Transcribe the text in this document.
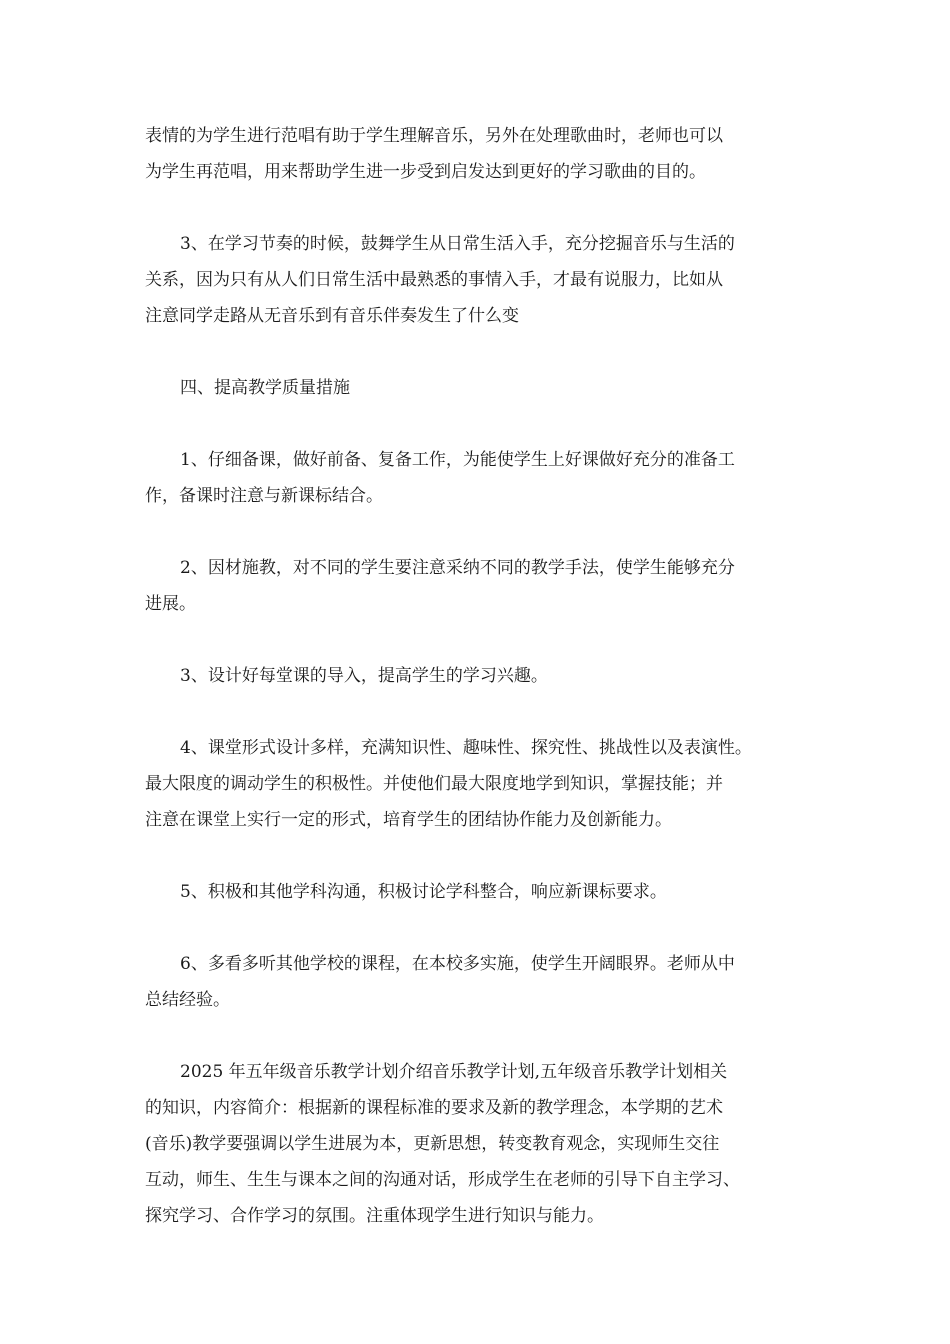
表情的为学生进行范唱有助于学生理解音乐，另外在处理歌曲时，老师也可以
为学生再范唱，用来帮助学生进一步受到启发达到更好的学习歌曲的目的。

3、在学习节奏的时候，鼓舞学生从日常生活入手，充分挖掘音乐与生活的
关系，因为只有从人们日常生活中最熟悉的事情入手，才最有说服力，比如从
注意同学走路从无音乐到有音乐伴奏发生了什么变

四、提高教学质量措施

1、仔细备课，做好前备、复备工作，为能使学生上好课做好充分的准备工
作，备课时注意与新课标结合。

2、因材施教，对不同的学生要注意采纳不同的教学手法，使学生能够充分
进展。

3、设计好每堂课的导入，提高学生的学习兴趣。

4、课堂形式设计多样，充满知识性、趣味性、探究性、挑战性以及表演性。
最大限度的调动学生的积极性。并使他们最大限度地学到知识，掌握技能；并
注意在课堂上实行一定的形式，培育学生的团结协作能力及创新能力。

5、积极和其他学科沟通，积极讨论学科整合，响应新课标要求。

6、多看多听其他学校的课程，在本校多实施，使学生开阔眼界。老师从中
总结经验。

2025 年五年级音乐教学计划介绍音乐教学计划,五年级音乐教学计划相关
的知识，内容简介：根据新的课程标准的要求及新的教学理念，本学期的艺术
(音乐)教学要强调以学生进展为本，更新思想，转变教育观念，实现师生交往
互动，师生、生生与课本之间的沟通对话，形成学生在老师的引导下自主学习、
探究学习、合作学习的氛围。注重体现学生进行知识与能力。
